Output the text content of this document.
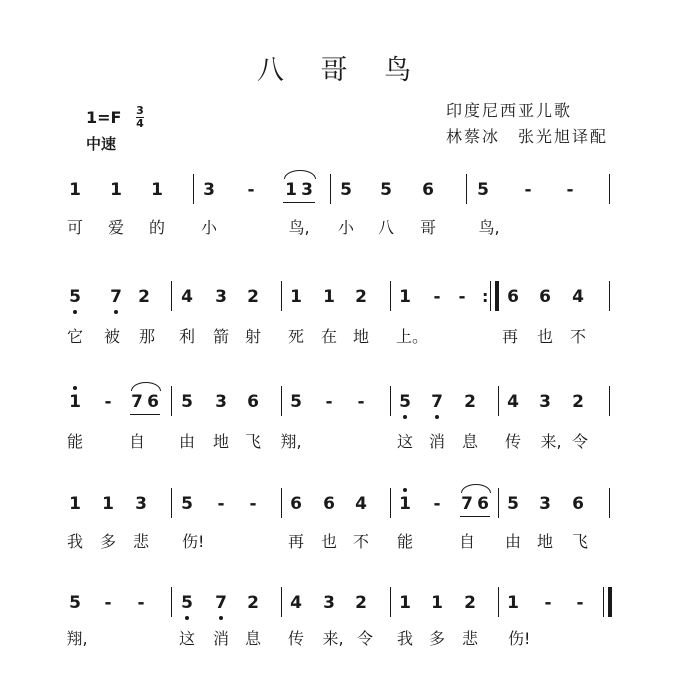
八 哥 鸟
1=F 3
4
中速
印度尼西亚儿歌
林蔡冰　张光旭译配
1 1 1 3	-	1 3 5 5 6	5	-	-
可 爱 的 小	鸟, 小 八 哥	鸟,
5 7 2 4 3 2 1 1 2 1	-	-	: 6 6 4
它 被 那 利 箭 射 死 在 地 上。	再 也 不
1	-	7 6 5 3 6 5	-	-	5 7 2 4 3 2
能	自 由 地 飞 翔,	这 消 息 传 来, 令
1 1 3 5	-	-	6 6 4 1	-	7 6 5 3 6
我 多 悲 伤!	再 也 不 能	自 由 地 飞
5	-	-	5 7 2 4 3 2 1 1 2 1	-	-
翔,	这 消 息 传 来, 令 我 多 悲 伤!
